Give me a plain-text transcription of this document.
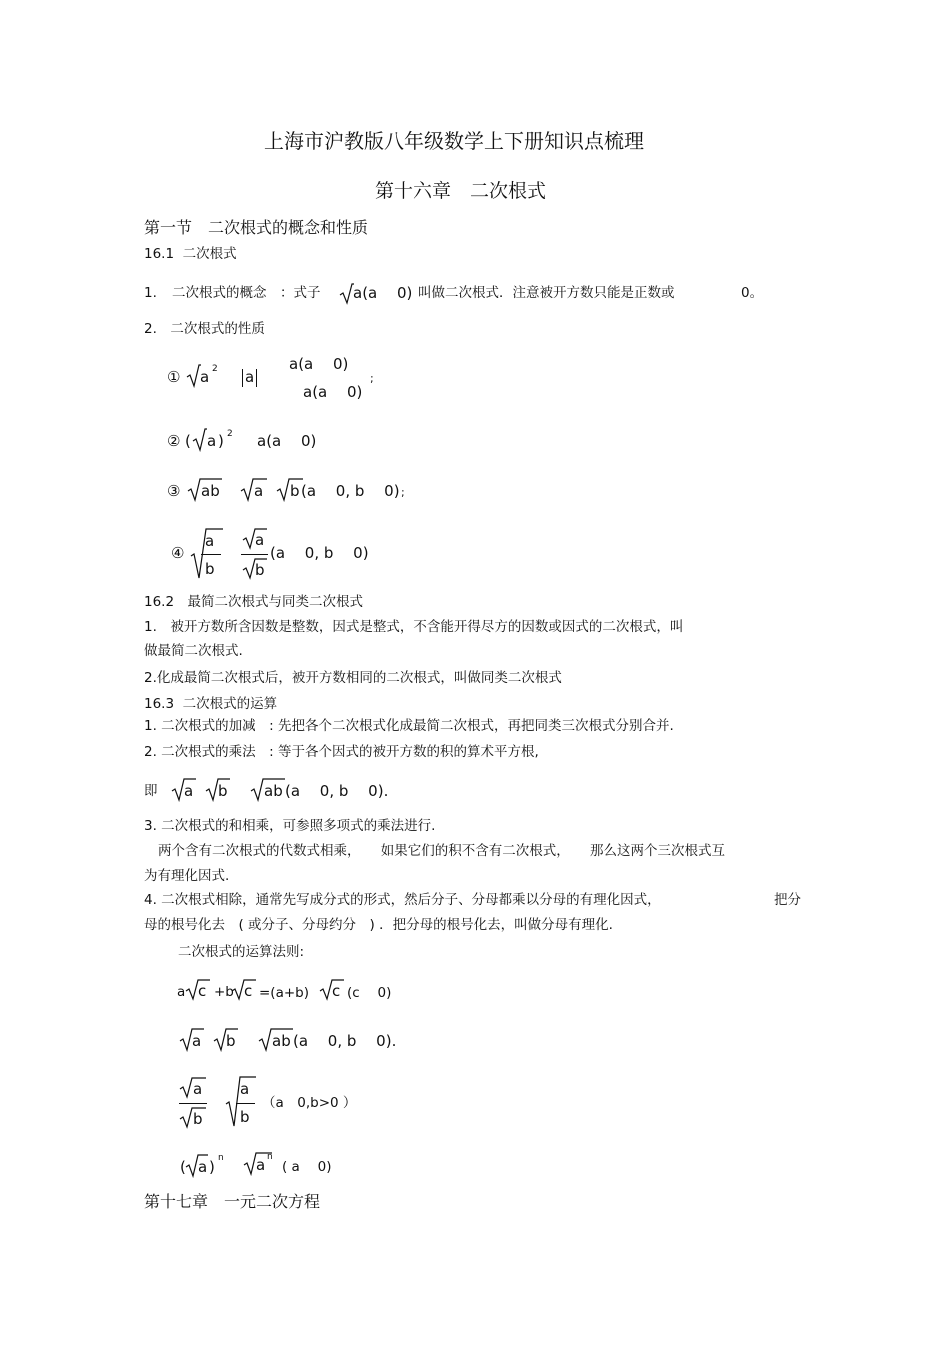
上海市沪教版八年级数学上下册知识点梳理
第十六章　二次根式
第一节　二次根式的概念和性质
16.1  二次根式
1. 二次根式的概念　：式子 a(a　 0) 叫做二次根式．注意被开方数只能是正数或	0。
2.　二次根式的性质
① a 2 a
a(a　 0)
a(a　 0)
;
② ( a ) 2 a(a　 0)
③ ab a b (a　 0, b　 0) ;
④
a
b
a
b
(a　 0, b　 0)
16.2　最简二次根式与同类二次根式
1.　被开方数所含因数是整数，因式是整式，不含能开得尽方的因数或因式的二次根式，叫
做最简二次根式.
2.化成最简二次根式后，被开方数相同的二次根式，叫做同类二次根式
16.3  二次根式的运算
1. 二次根式的加减　: 先把各个二次根式化成最简二次根式，再把同类三次根式分别合并.
2. 二次根式的乘法　: 等于各个因式的被开方数的积的算术平方根,
即 a b ab (a　 0, b　 0).
3. 二次根式的和相乘，可参照多项式的乘法进行.
两个含有二次根式的代数式相乘，　　如果它们的积不含有二次根式，　　那么这两个三次根式互
为有理化因式.
4. 二次根式相除，通常先写成分式的形式，然后分子、分母都乘以分母的有理化因式，	把分
母的根号化去　( 或分子、分母约分　) ．把分母的根号化去，叫做分母有理化.
二次根式的运算法则:
a c +b c =(a+b) c (c　 0)
a b ab (a　 0, b　 0).
a
b
a
b
（a　0,b>0 ）
( a ) n a n
( a　 0)
第十七章　一元二次方程
